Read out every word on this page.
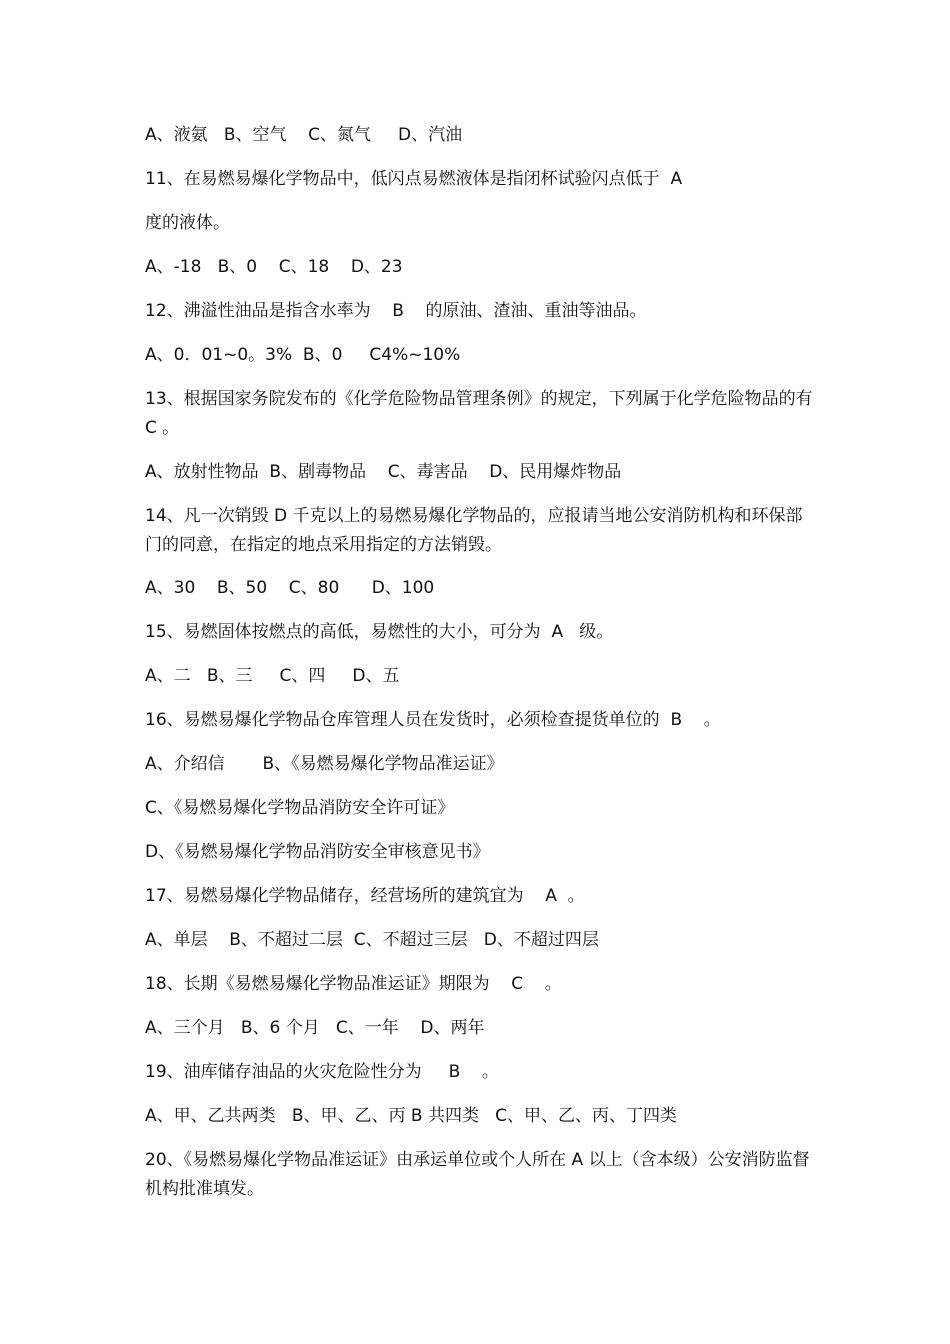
A、液氨   B、空气    C、氮气     D、汽油
11、在易燃易爆化学物品中，低闪点易燃液体是指闭杯试验闪点低于  A
度的液体。
A、-18   B、0    C、18    D、23
12、沸溢性油品是指含水率为    B    的原油、渣油、重油等油品。
A、0．01~0。3%  B、0     C4%~10%
13、根据国家务院发布的《化学危险物品管理条例》的规定，下列属于化学危险物品的有 C 。
A、放射性物品  B、剧毒物品    C、毒害品    D、民用爆炸物品
14、凡一次销毁 D 千克以上的易燃易爆化学物品的，应报请当地公安消防机构和环保部门的同意，在指定的地点采用指定的方法销毁。
A、30    B、50    C、80      D、100
15、易燃固体按燃点的高低，易燃性的大小，可分为  A   级。
A、二   B、三     C、四     D、五
16、易燃易爆化学物品仓库管理人员在发货时，必须检查提货单位的  B    。
A、介绍信       B、《易燃易爆化学物品准运证》
C、《易燃易爆化学物品消防安全许可证》
D、《易燃易爆化学物品消防安全审核意见书》
17、易燃易爆化学物品储存，经营场所的建筑宜为    A  。
A、单层    B、不超过二层  C、不超过三层   D、不超过四层
18、长期《易燃易爆化学物品准运证》期限为    C    。
A、三个月   B、6 个月   C、一年    D、两年
19、油库储存油品的火灾危险性分为     B    。
A、甲、乙共两类   B、甲、乙、丙 B 共四类   C、甲、乙、丙、丁四类
20、《易燃易爆化学物品准运证》由承运单位或个人所在 A 以上（含本级）公安消防监督机构批准填发。
